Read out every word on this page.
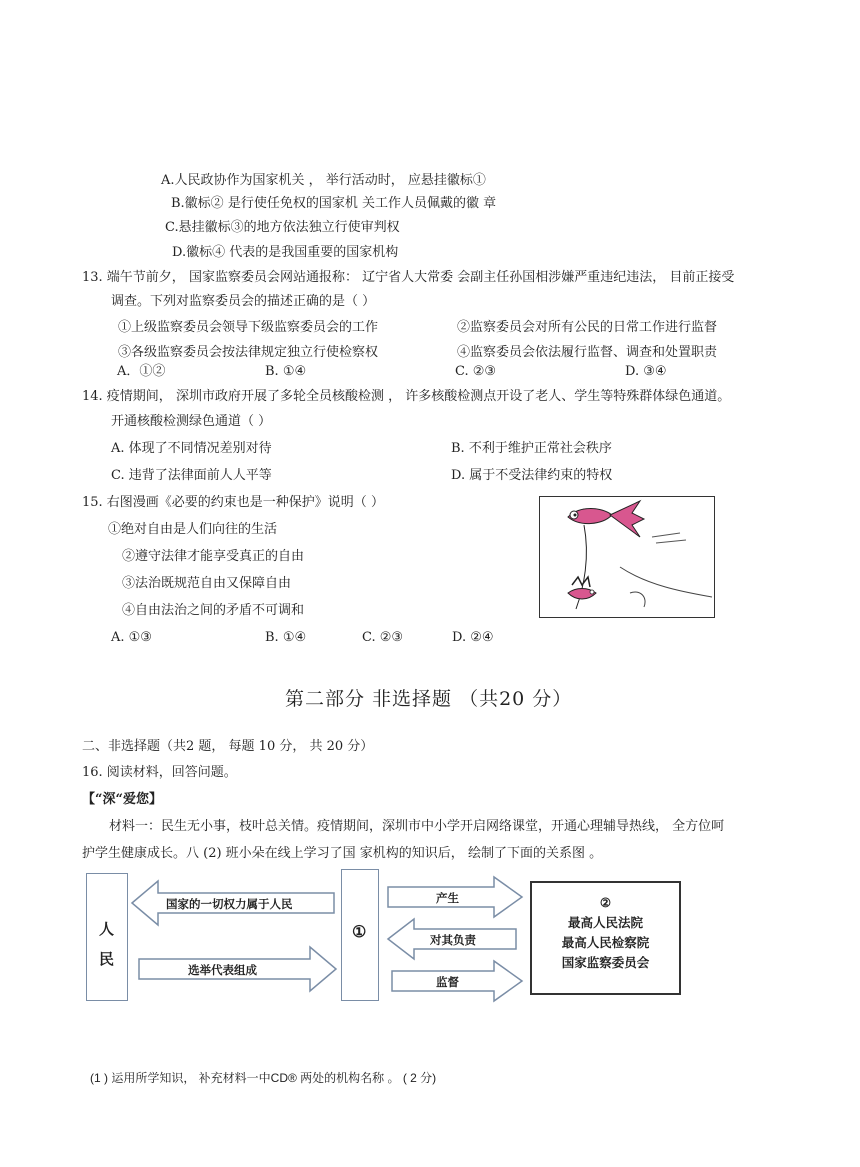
A.人民政协作为国家机关 ， 举行活动时， 应悬挂徽标①
B.徽标② 是行使任免权的国家机 关工作人员佩戴的徽 章
C.悬挂徽标③的地方依法独立行使审判权
D.徽标④ 代表的是我国重要的国家机构
13. 端午节前夕， 国家监察委员会网站通报称： 辽宁省人大常委 会副主任孙国相涉嫌严重违纪违法， 目前正接受
调查。下列对监察委员会的描述正确的是（ ）
①上级监察委员会领导下级监察委员会的工作	②监察委员会对所有公民的日常工作进行监督
③各级监察委员会按法律规定独立行使检察权	④监察委员会依法履行监督、调查和处置职责
A．①②	B. ①④	C. ②③	D. ③④
14. 疫情期间， 深圳市政府开展了多轮全员核酸检测 ， 许多核酸检测点开设了老人、学生等特殊群体绿色通道。
开通核酸检测绿色通道（ ）
A. 体现了不同情况差别对待	B. 不利于维护正常社会秩序
C. 违背了法律面前人人平等	D. 属于不受法律约束的特权
15. 右图漫画《必要的约束也是一种保护》说明（ ）
①绝对自由是人们向往的生活
②遵守法律才能享受真正的自由
③法治既规范自由又保障自由
④自由法治之间的矛盾不可调和
A. ①③	B. ①④	C. ②③	D. ②④
第二部分 非选择题 （共20 分）
二、非选择题（共2 题， 每题 10 分， 共 20 分）
16. 阅读材料，回答问题。
【“深“爱您】
材料一：民生无小事，枝叶总关情。疫情期间，深圳市中小学开启网络课堂，开通心理辅导热线， 全方位呵
护学生健康成长。八 (2) 班小朵在线上学习了国 家机构的知识后， 绘制了下面的关系图 。
人
民
国家的一切权力属于人民
选举代表组成
①
产生
对其负责
监督
②
最高人民法院
最高人民检察院
国家监察委员会
(1 ) 运用所学知识， 补充材料一中CD® 两处的机构名称 。 ( 2 分)
